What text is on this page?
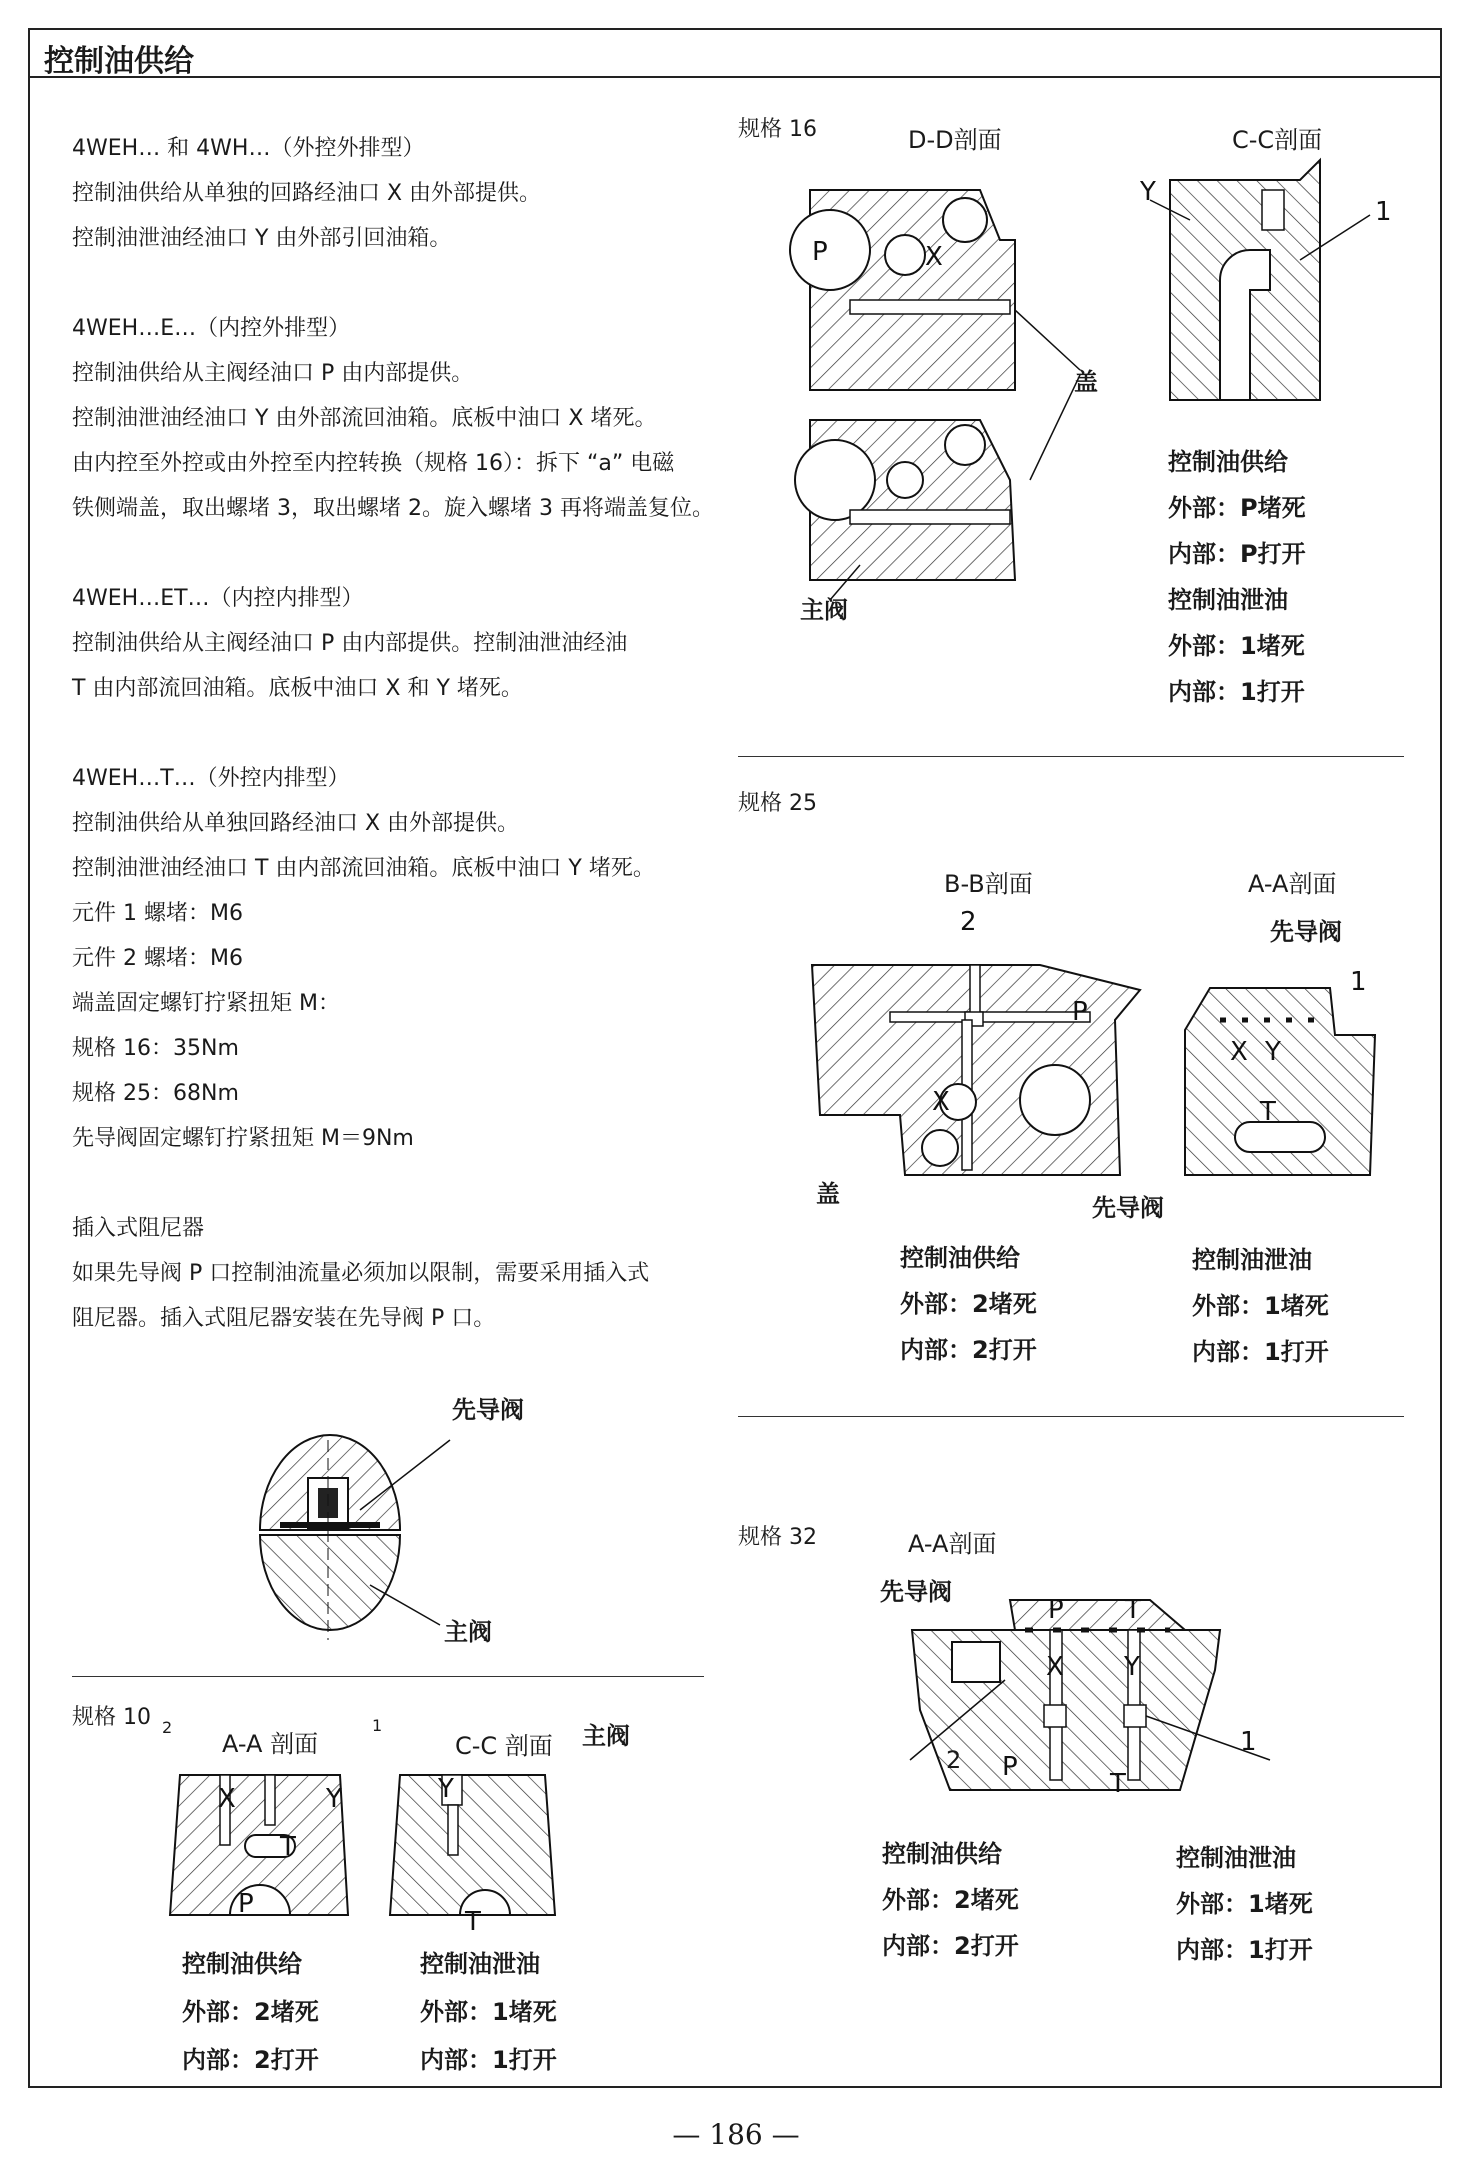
控制油供给
4WEH… 和 4WH…（外控外排型）
控制油供给从单独的回路经油口 X 由外部提供。
控制油泄油经油口 Y 由外部引回油箱。
4WEH…E…（内控外排型）
控制油供给从主阀经油口 P 由内部提供。
控制油泄油经油口 Y 由外部流回油箱。底板中油口 X 堵死。
由内控至外控或由外控至内控转换（规格 16）：拆下 “a” 电磁
铁侧端盖，取出螺堵 3，取出螺堵 2。旋入螺堵 3 再将端盖复位。
4WEH…ET…（内控内排型）
控制油供给从主阀经油口 P 由内部提供。控制油泄油经油
T 由内部流回油箱。底板中油口 X 和 Y 堵死。
4WEH…T…（外控内排型）
控制油供给从单独回路经油口 X 由外部提供。
控制油泄油经油口 T 由内部流回油箱。底板中油口 Y 堵死。
元件 1 螺堵：M6
元件 2 螺堵：M6
端盖固定螺钉拧紧扭矩 M：
规格 16：35Nm
规格 25：68Nm
先导阀固定螺钉拧紧扭矩 M＝9Nm
插入式阻尼器
如果先导阀 P 口控制油流量必须加以限制，需要采用插入式
阻尼器。插入式阻尼器安装在先导阀 P 口。
先导阀
主阀
规格 10
A-A 剖面	C-C 剖面 主阀
2	1
X	Y
T
P
Y
T
控制油供给
外部：2堵死
内部：2打开
控制油泄油
外部：1堵死
内部：1打开
规格 16	D-D剖面	C-C剖面
P	X
Y
1
盖
主阀
控制油供给
外部：P堵死
内部：P打开
控制油泄油
外部：1堵死
内部：1打开
规格 25
B-B剖面	A-A剖面
先导阀
2
P
X
X Y
T
1
盖	先导阀
控制油供给
外部：2堵死
内部：2打开
控制油泄油
外部：1堵死
内部：1打开
规格 32	A-A剖面
先导阀
P T
X Y
P
T
1
2
控制油供给
外部：2堵死
内部：2打开
控制油泄油
外部：1堵死
内部：1打开
— 186 —
